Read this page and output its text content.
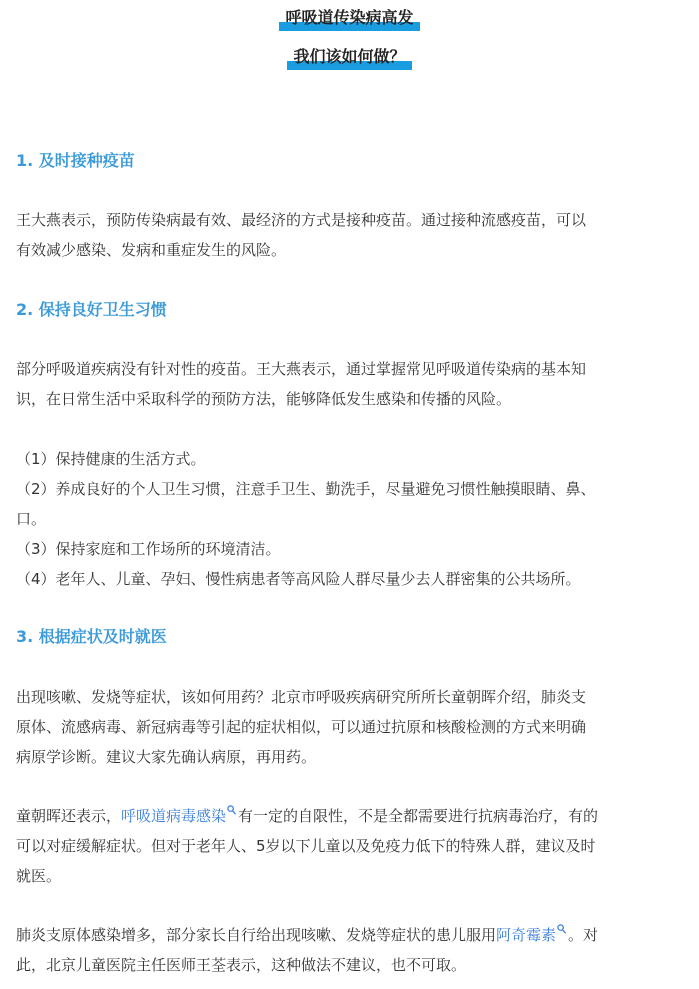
呼吸道传染病高发
我们该如何做？
1. 及时接种疫苗
王大燕表示，预防传染病最有效、最经济的方式是接种疫苗。通过接种流感疫苗，可以
有效减少感染、发病和重症发生的风险。
2. 保持良好卫生习惯
部分呼吸道疾病没有针对性的疫苗。王大燕表示，通过掌握常见呼吸道传染病的基本知
识，在日常生活中采取科学的预防方法，能够降低发生感染和传播的风险。
（1）保持健康的生活方式。
（2）养成良好的个人卫生习惯，注意手卫生、勤洗手，尽量避免习惯性触摸眼睛、鼻、
口。
（3）保持家庭和工作场所的环境清洁。
（4）老年人、儿童、孕妇、慢性病患者等高风险人群尽量少去人群密集的公共场所。
3. 根据症状及时就医
出现咳嗽、发烧等症状，该如何用药？北京市呼吸疾病研究所所长童朝晖介绍，肺炎支
原体、流感病毒、新冠病毒等引起的症状相似，可以通过抗原和核酸检测的方式来明确
病原学诊断。建议大家先确认病原，再用药。
童朝晖还表示，呼吸道病毒感染 有一定的自限性，不是全都需要进行抗病毒治疗，有的
可以对症缓解症状。但对于老年人、5岁以下儿童以及免疫力低下的特殊人群，建议及时
就医。
肺炎支原体感染增多，部分家长自行给出现咳嗽、发烧等症状的患儿服用阿奇霉素 。对
此，北京儿童医院主任医师王荃表示，这种做法不建议，也不可取。
